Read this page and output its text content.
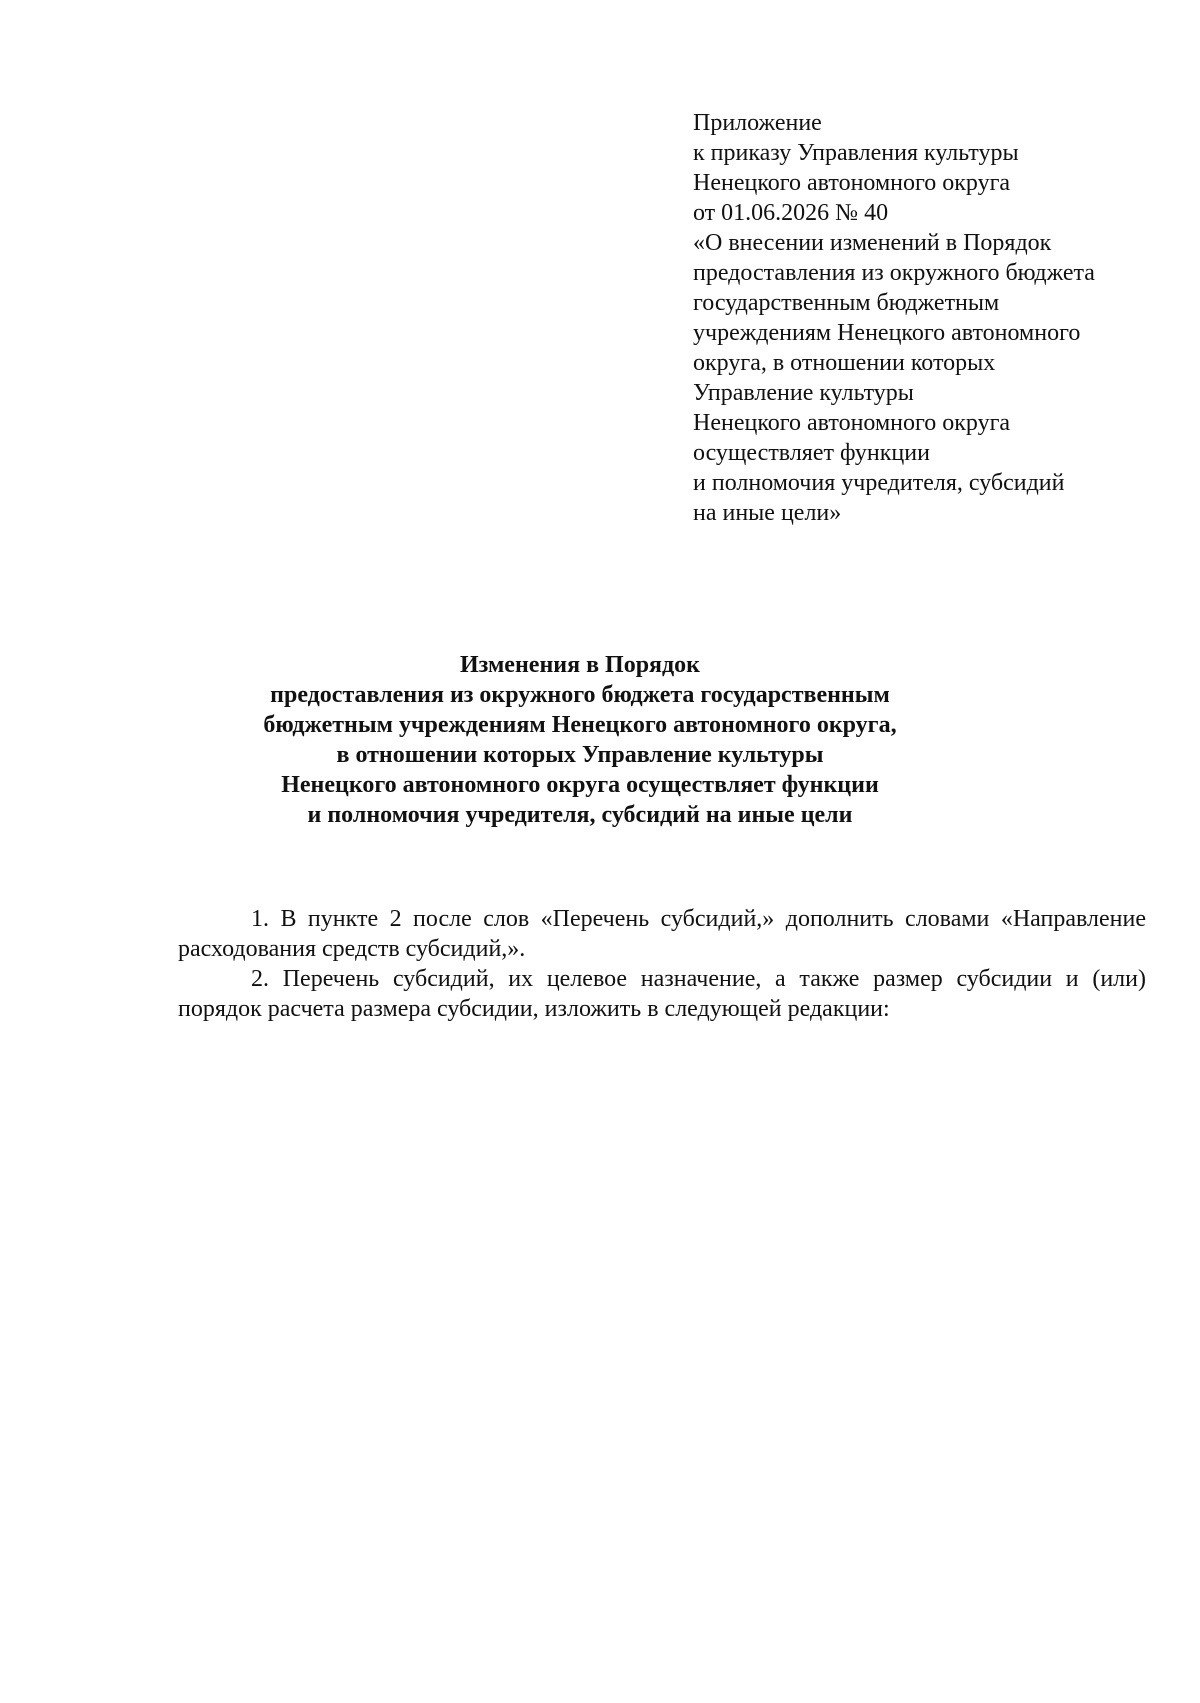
Приложение
к приказу Управления культуры
Ненецкого автономного округа
от 01.06.2026 № 40
«О внесении изменений в Порядок
предоставления из окружного бюджета
государственным бюджетным
учреждениям Ненецкого автономного
округа, в отношении которых
Управление культуры
Ненецкого автономного округа
осуществляет функции
и полномочия учредителя, субсидий
на иные цели»
Изменения в Порядок
предоставления из окружного бюджета государственным
бюджетным учреждениям Ненецкого автономного округа,
в отношении которых Управление культуры
Ненецкого автономного округа осуществляет функции
и полномочия учредителя, субсидий на иные цели

1. В пункте 2 после слов «Перечень субсидий,» дополнить словами «Направление расходования средств субсидий,».

2. Перечень субсидий, их целевое назначение, а также размер субсидии и (или) порядок расчета размера субсидии, изложить в следующей редакции:
